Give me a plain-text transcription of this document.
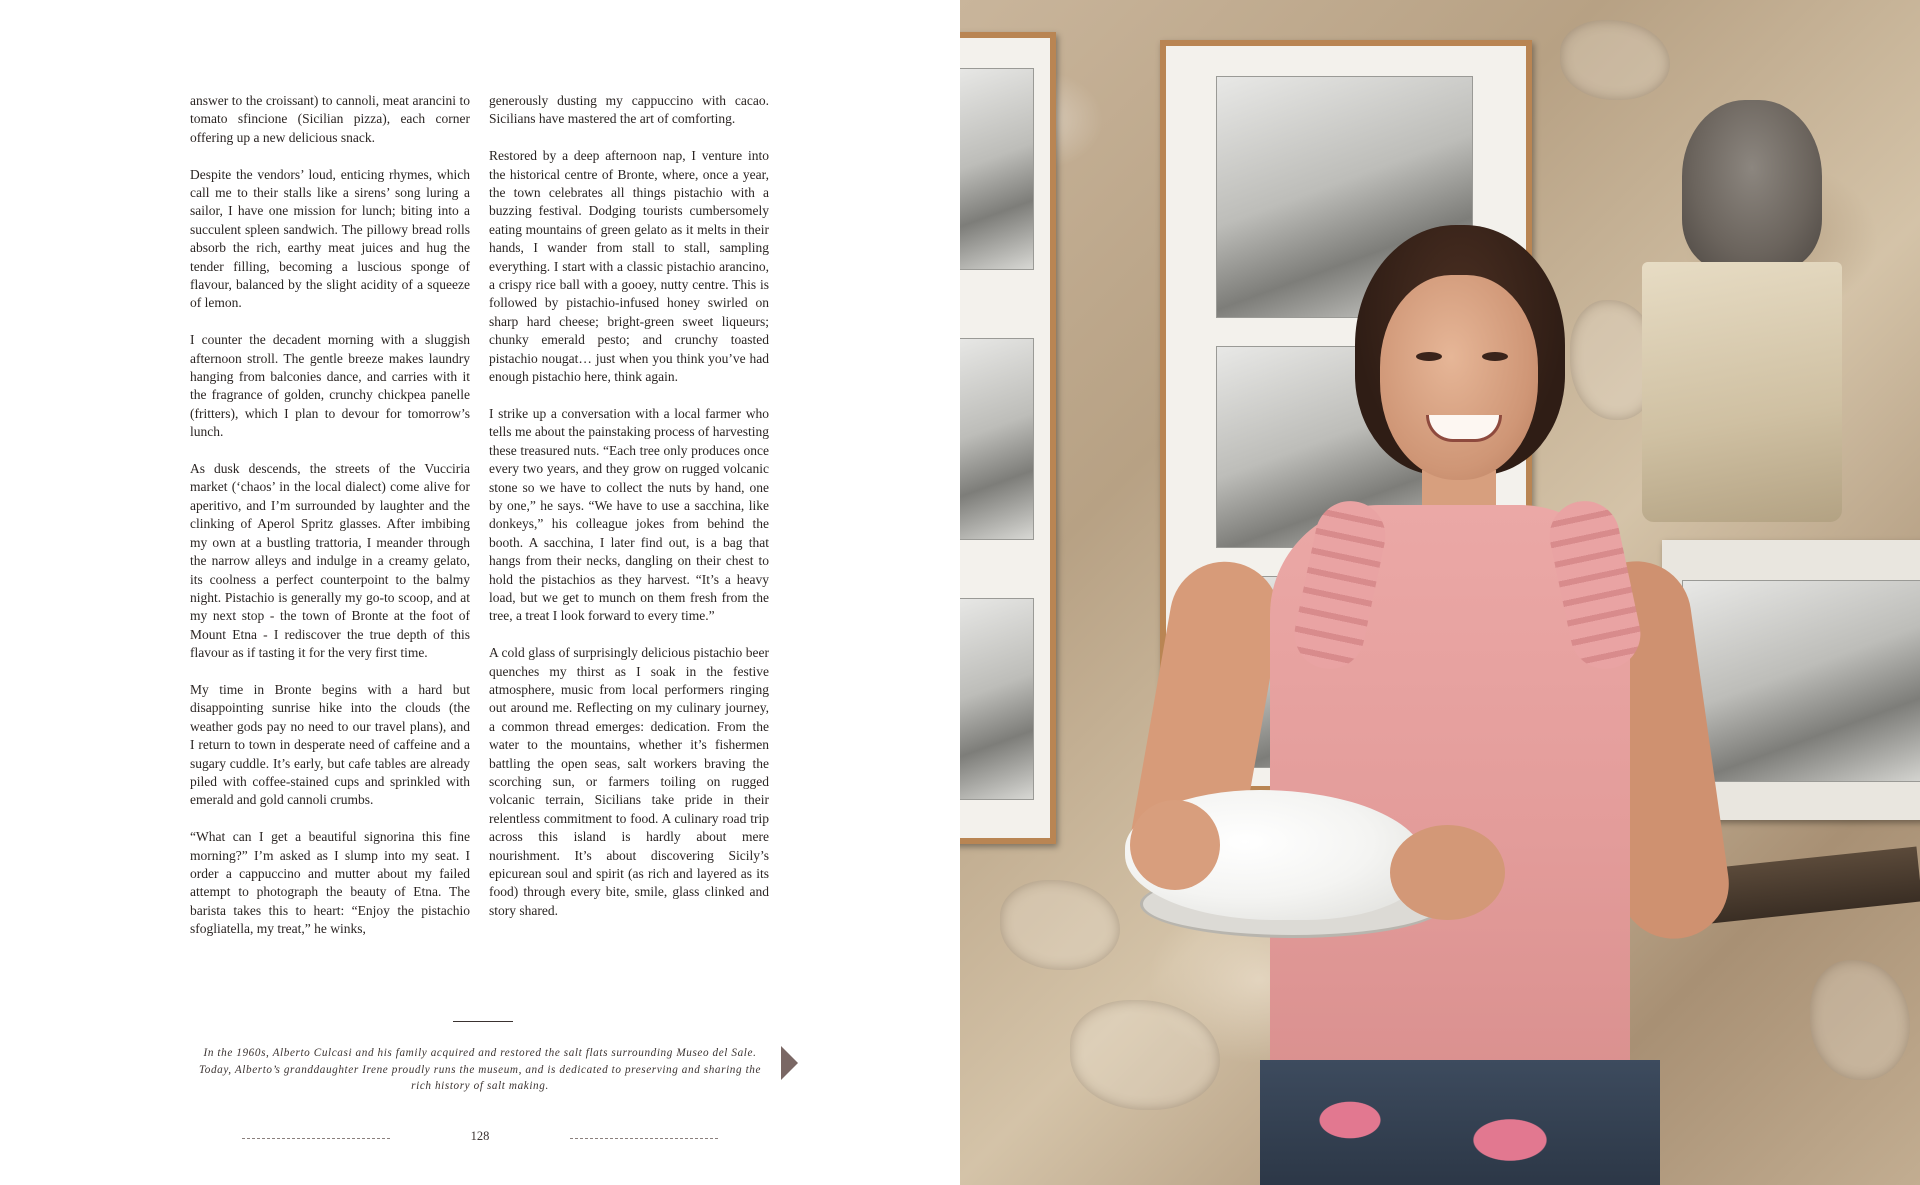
answer to the croissant) to cannoli, meat arancini to tomato sfincione (Sicilian pizza), each corner offering up a new delicious snack.

Despite the vendors’ loud, enticing rhymes, which call me to their stalls like a sirens’ song luring a sailor, I have one mission for lunch; biting into a succulent spleen sandwich. The pillowy bread rolls absorb the rich, earthy meat juices and hug the tender filling, becoming a luscious sponge of flavour, balanced by the slight acidity of a squeeze of lemon.

I counter the decadent morning with a sluggish afternoon stroll. The gentle breeze makes laundry hanging from balconies dance, and carries with it the fragrance of golden, crunchy chickpea panelle (fritters), which I plan to devour for tomorrow’s lunch.

As dusk descends, the streets of the Vucciria market (‘chaos’ in the local dialect) come alive for aperitivo, and I’m surrounded by laughter and the clinking of Aperol Spritz glasses. After imbibing my own at a bustling trattoria, I meander through the narrow alleys and indulge in a creamy gelato, its coolness a perfect counterpoint to the balmy night. Pistachio is generally my go-to scoop, and at my next stop - the town of Bronte at the foot of Mount Etna - I rediscover the true depth of this flavour as if tasting it for the very first time.

My time in Bronte begins with a hard but disappointing sunrise hike into the clouds (the weather gods pay no need to our travel plans), and I return to town in desperate need of caffeine and a sugary cuddle. It’s early, but cafe tables are already piled with coffee-stained cups and sprinkled with emerald and gold cannoli crumbs.

“What can I get a beautiful signorina this fine morning?” I’m asked as I slump into my seat. I order a cappuccino and mutter about my failed attempt to photograph the beauty of Etna. The barista takes this to heart: “Enjoy the pistachio sfogliatella, my treat,” he winks,

generously dusting my cappuccino with cacao. Sicilians have mastered the art of comforting.

Restored by a deep afternoon nap, I venture into the historical centre of Bronte, where, once a year, the town celebrates all things pistachio with a buzzing festival. Dodging tourists cumbersomely eating mountains of green gelato as it melts in their hands, I wander from stall to stall, sampling everything. I start with a classic pistachio arancino, a crispy rice ball with a gooey, nutty centre. This is followed by pistachio-infused honey swirled on sharp hard cheese; bright-green sweet liqueurs; chunky emerald pesto; and crunchy toasted pistachio nougat… just when you think you’ve had enough pistachio here, think again.

I strike up a conversation with a local farmer who tells me about the painstaking process of harvesting these treasured nuts. “Each tree only produces once every two years, and they grow on rugged volcanic stone so we have to collect the nuts by hand, one by one,” he says. “We have to use a sacchina, like donkeys,” his colleague jokes from behind the booth. A sacchina, I later find out, is a bag that hangs from their necks, dangling on their chest to hold the pistachios as they harvest. “It’s a heavy load, but we get to munch on them fresh from the tree, a treat I look forward to every time.”

A cold glass of surprisingly delicious pistachio beer quenches my thirst as I soak in the festive atmosphere, music from local performers ringing out around me. Reflecting on my culinary journey, a common thread emerges: dedication. From the water to the mountains, whether it’s fishermen battling the open seas, salt workers braving the scorching sun, or farmers toiling on rugged volcanic terrain, Sicilians take pride in their relentless commitment to food. A culinary road trip across this island is hardly about mere nourishment. It’s about discovering Sicily’s epicurean soul and spirit (as rich and layered as its food) through every bite, smile, glass clinked and story shared.

In the 1960s, Alberto Culcasi and his family acquired and restored the salt flats surrounding Museo del Sale. Today, Alberto’s granddaughter Irene proudly runs the museum, and is dedicated to preserving and sharing the rich history of salt making.
128
